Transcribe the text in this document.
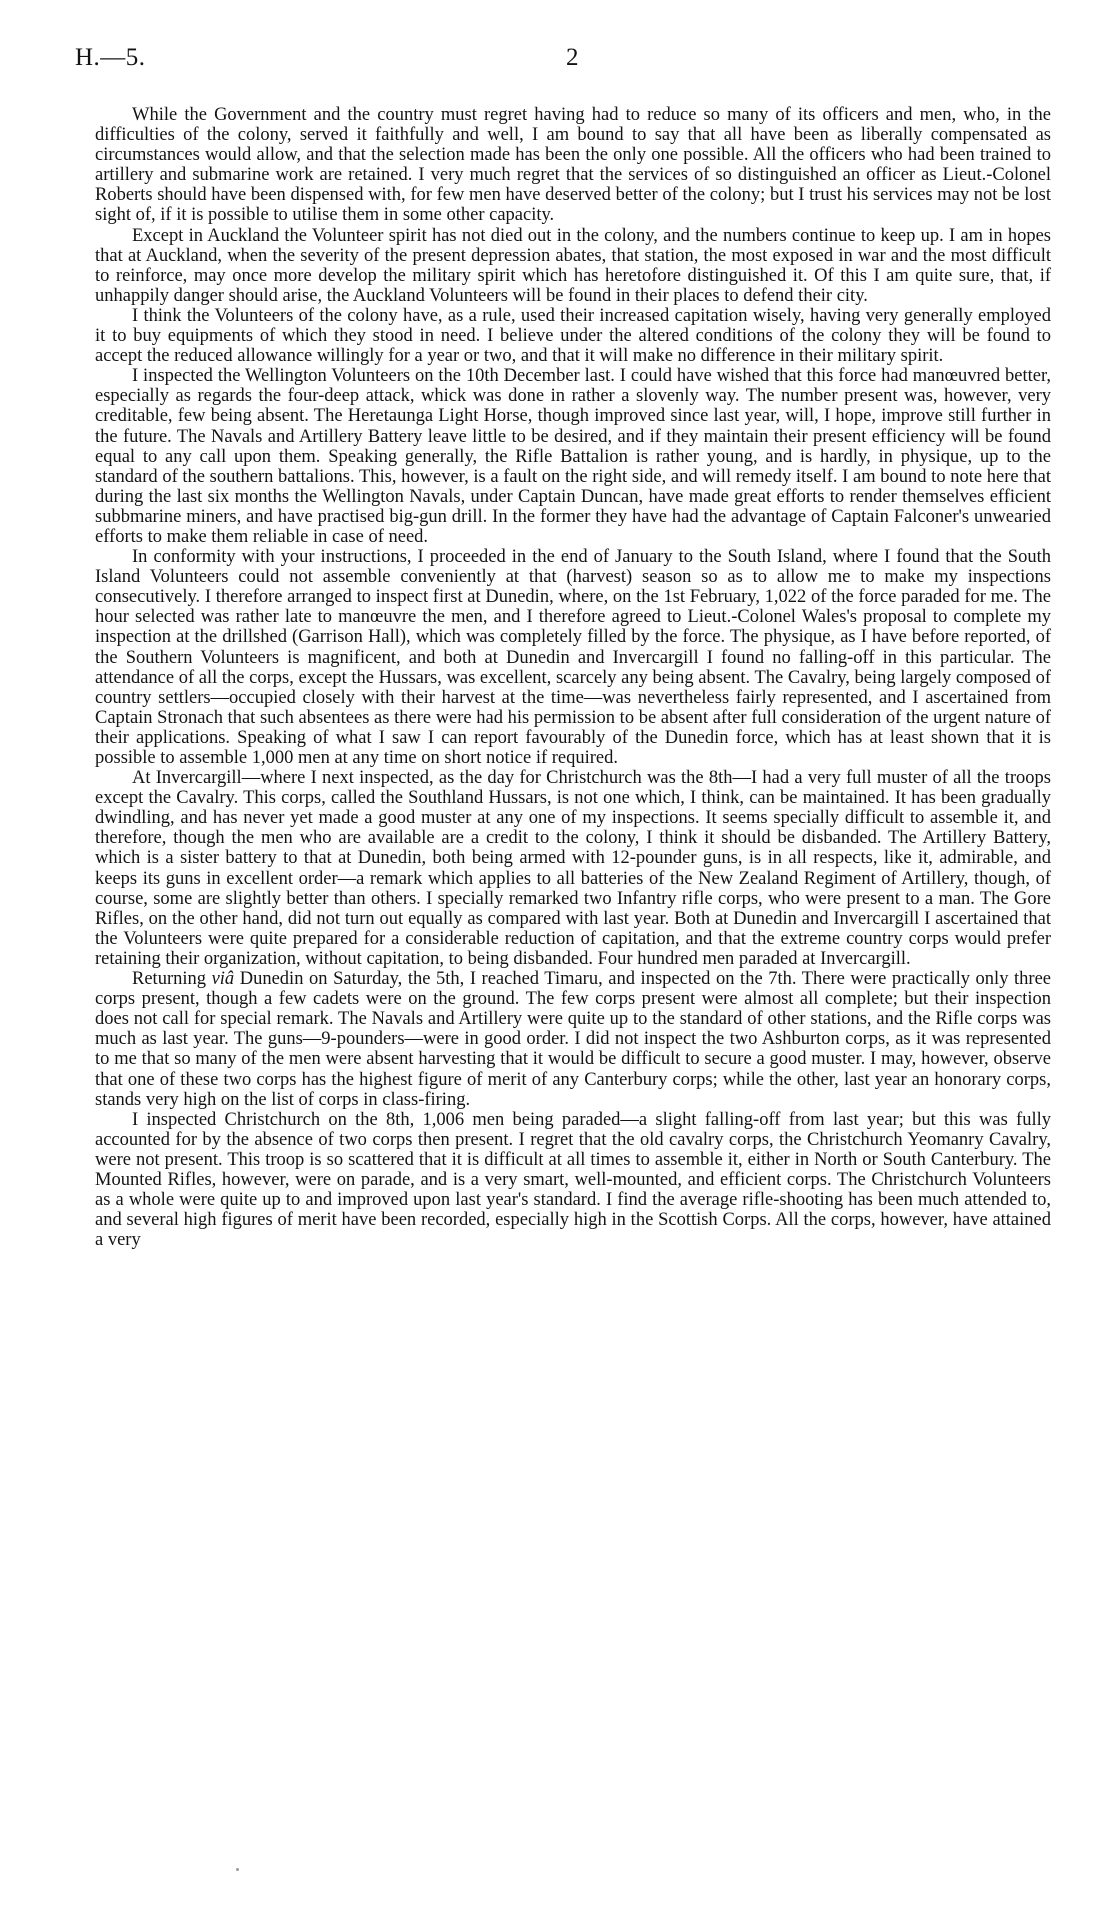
H.—5.	2

While the Government and the country must regret having had to reduce so many of its officers and men, who, in the difficulties of the colony, served it faithfully and well, I am bound to say that all have been as liberally compensated as circumstances would allow, and that the selection made has been the only one possible. All the officers who had been trained to artillery and submarine work are retained. I very much regret that the services of so distinguished an officer as Lieut.-Colonel Roberts should have been dispensed with, for few men have deserved better of the colony; but I trust his services may not be lost sight of, if it is possible to utilise them in some other capacity.

Except in Auckland the Volunteer spirit has not died out in the colony, and the numbers continue to keep up. I am in hopes that at Auckland, when the severity of the present depression abates, that station, the most exposed in war and the most difficult to reinforce, may once more develop the military spirit which has heretofore distinguished it. Of this I am quite sure, that, if unhappily danger should arise, the Auckland Volunteers will be found in their places to defend their city.

I think the Volunteers of the colony have, as a rule, used their increased capitation wisely, having very generally employed it to buy equipments of which they stood in need. I believe under the altered conditions of the colony they will be found to accept the reduced allowance willingly for a year or two, and that it will make no difference in their military spirit.

I inspected the Wellington Volunteers on the 10th December last. I could have wished that this force had manœuvred better, especially as regards the four-deep attack, whick was done in rather a slovenly way. The number present was, however, very creditable, few being absent. The Heretaunga Light Horse, though improved since last year, will, I hope, improve still further in the future. The Navals and Artillery Battery leave little to be desired, and if they maintain their present efficiency will be found equal to any call upon them. Speaking generally, the Rifle Battalion is rather young, and is hardly, in physique, up to the standard of the southern battalions. This, however, is a fault on the right side, and will remedy itself. I am bound to note here that during the last six months the Wellington Navals, under Captain Duncan, have made great efforts to render themselves efficient subbmarine miners, and have practised big-gun drill. In the former they have had the advantage of Captain Falconer's unwearied efforts to make them reliable in case of need.

In conformity with your instructions, I proceeded in the end of January to the South Island, where I found that the South Island Volunteers could not assemble conveniently at that (harvest) season so as to allow me to make my inspections consecutively. I therefore arranged to inspect first at Dunedin, where, on the 1st February, 1,022 of the force paraded for me. The hour selected was rather late to manœuvre the men, and I therefore agreed to Lieut.-Colonel Wales's proposal to complete my inspection at the drillshed (Garrison Hall), which was completely filled by the force. The physique, as I have before reported, of the Southern Volunteers is magnificent, and both at Dunedin and Invercargill I found no falling-off in this particular. The attendance of all the corps, except the Hussars, was excellent, scarcely any being absent. The Cavalry, being largely composed of country settlers—occupied closely with their harvest at the time—was nevertheless fairly represented, and I ascertained from Captain Stronach that such absentees as there were had his permission to be absent after full consideration of the urgent nature of their applications. Speaking of what I saw I can report favourably of the Dunedin force, which has at least shown that it is possible to assemble 1,000 men at any time on short notice if required.

At Invercargill—where I next inspected, as the day for Christchurch was the 8th—I had a very full muster of all the troops except the Cavalry. This corps, called the Southland Hussars, is not one which, I think, can be maintained. It has been gradually dwindling, and has never yet made a good muster at any one of my inspections. It seems specially difficult to assemble it, and therefore, though the men who are available are a credit to the colony, I think it should be disbanded. The Artillery Battery, which is a sister battery to that at Dunedin, both being armed with 12-pounder guns, is in all respects, like it, admirable, and keeps its guns in excellent order—a remark which applies to all batteries of the New Zealand Regiment of Artillery, though, of course, some are slightly better than others. I specially remarked two Infantry rifle corps, who were present to a man. The Gore Rifles, on the other hand, did not turn out equally as compared with last year. Both at Dunedin and Invercargill I ascertained that the Volunteers were quite prepared for a considerable reduction of capitation, and that the extreme country corps would prefer retaining their organization, without capitation, to being disbanded. Four hundred men paraded at Invercargill.

Returning viâ Dunedin on Saturday, the 5th, I reached Timaru, and inspected on the 7th. There were practically only three corps present, though a few cadets were on the ground. The few corps present were almost all complete; but their inspection does not call for special remark. The Navals and Artillery were quite up to the standard of other stations, and the Rifle corps was much as last year. The guns—9-pounders—were in good order. I did not inspect the two Ashburton corps, as it was represented to me that so many of the men were absent harvesting that it would be difficult to secure a good muster. I may, however, observe that one of these two corps has the highest figure of merit of any Canterbury corps; while the other, last year an honorary corps, stands very high on the list of corps in class-firing.

I inspected Christchurch on the 8th, 1,006 men being paraded—a slight falling-off from last year; but this was fully accounted for by the absence of two corps then present. I regret that the old cavalry corps, the Christchurch Yeomanry Cavalry, were not present. This troop is so scattered that it is difficult at all times to assemble it, either in North or South Canterbury. The Mounted Rifles, however, were on parade, and is a very smart, well-mounted, and efficient corps. The Christchurch Volunteers as a whole were quite up to and improved upon last year's standard. I find the average rifle-shooting has been much attended to, and several high figures of merit have been recorded, especially high in the Scottish Corps. All the corps, however, have attained a very
